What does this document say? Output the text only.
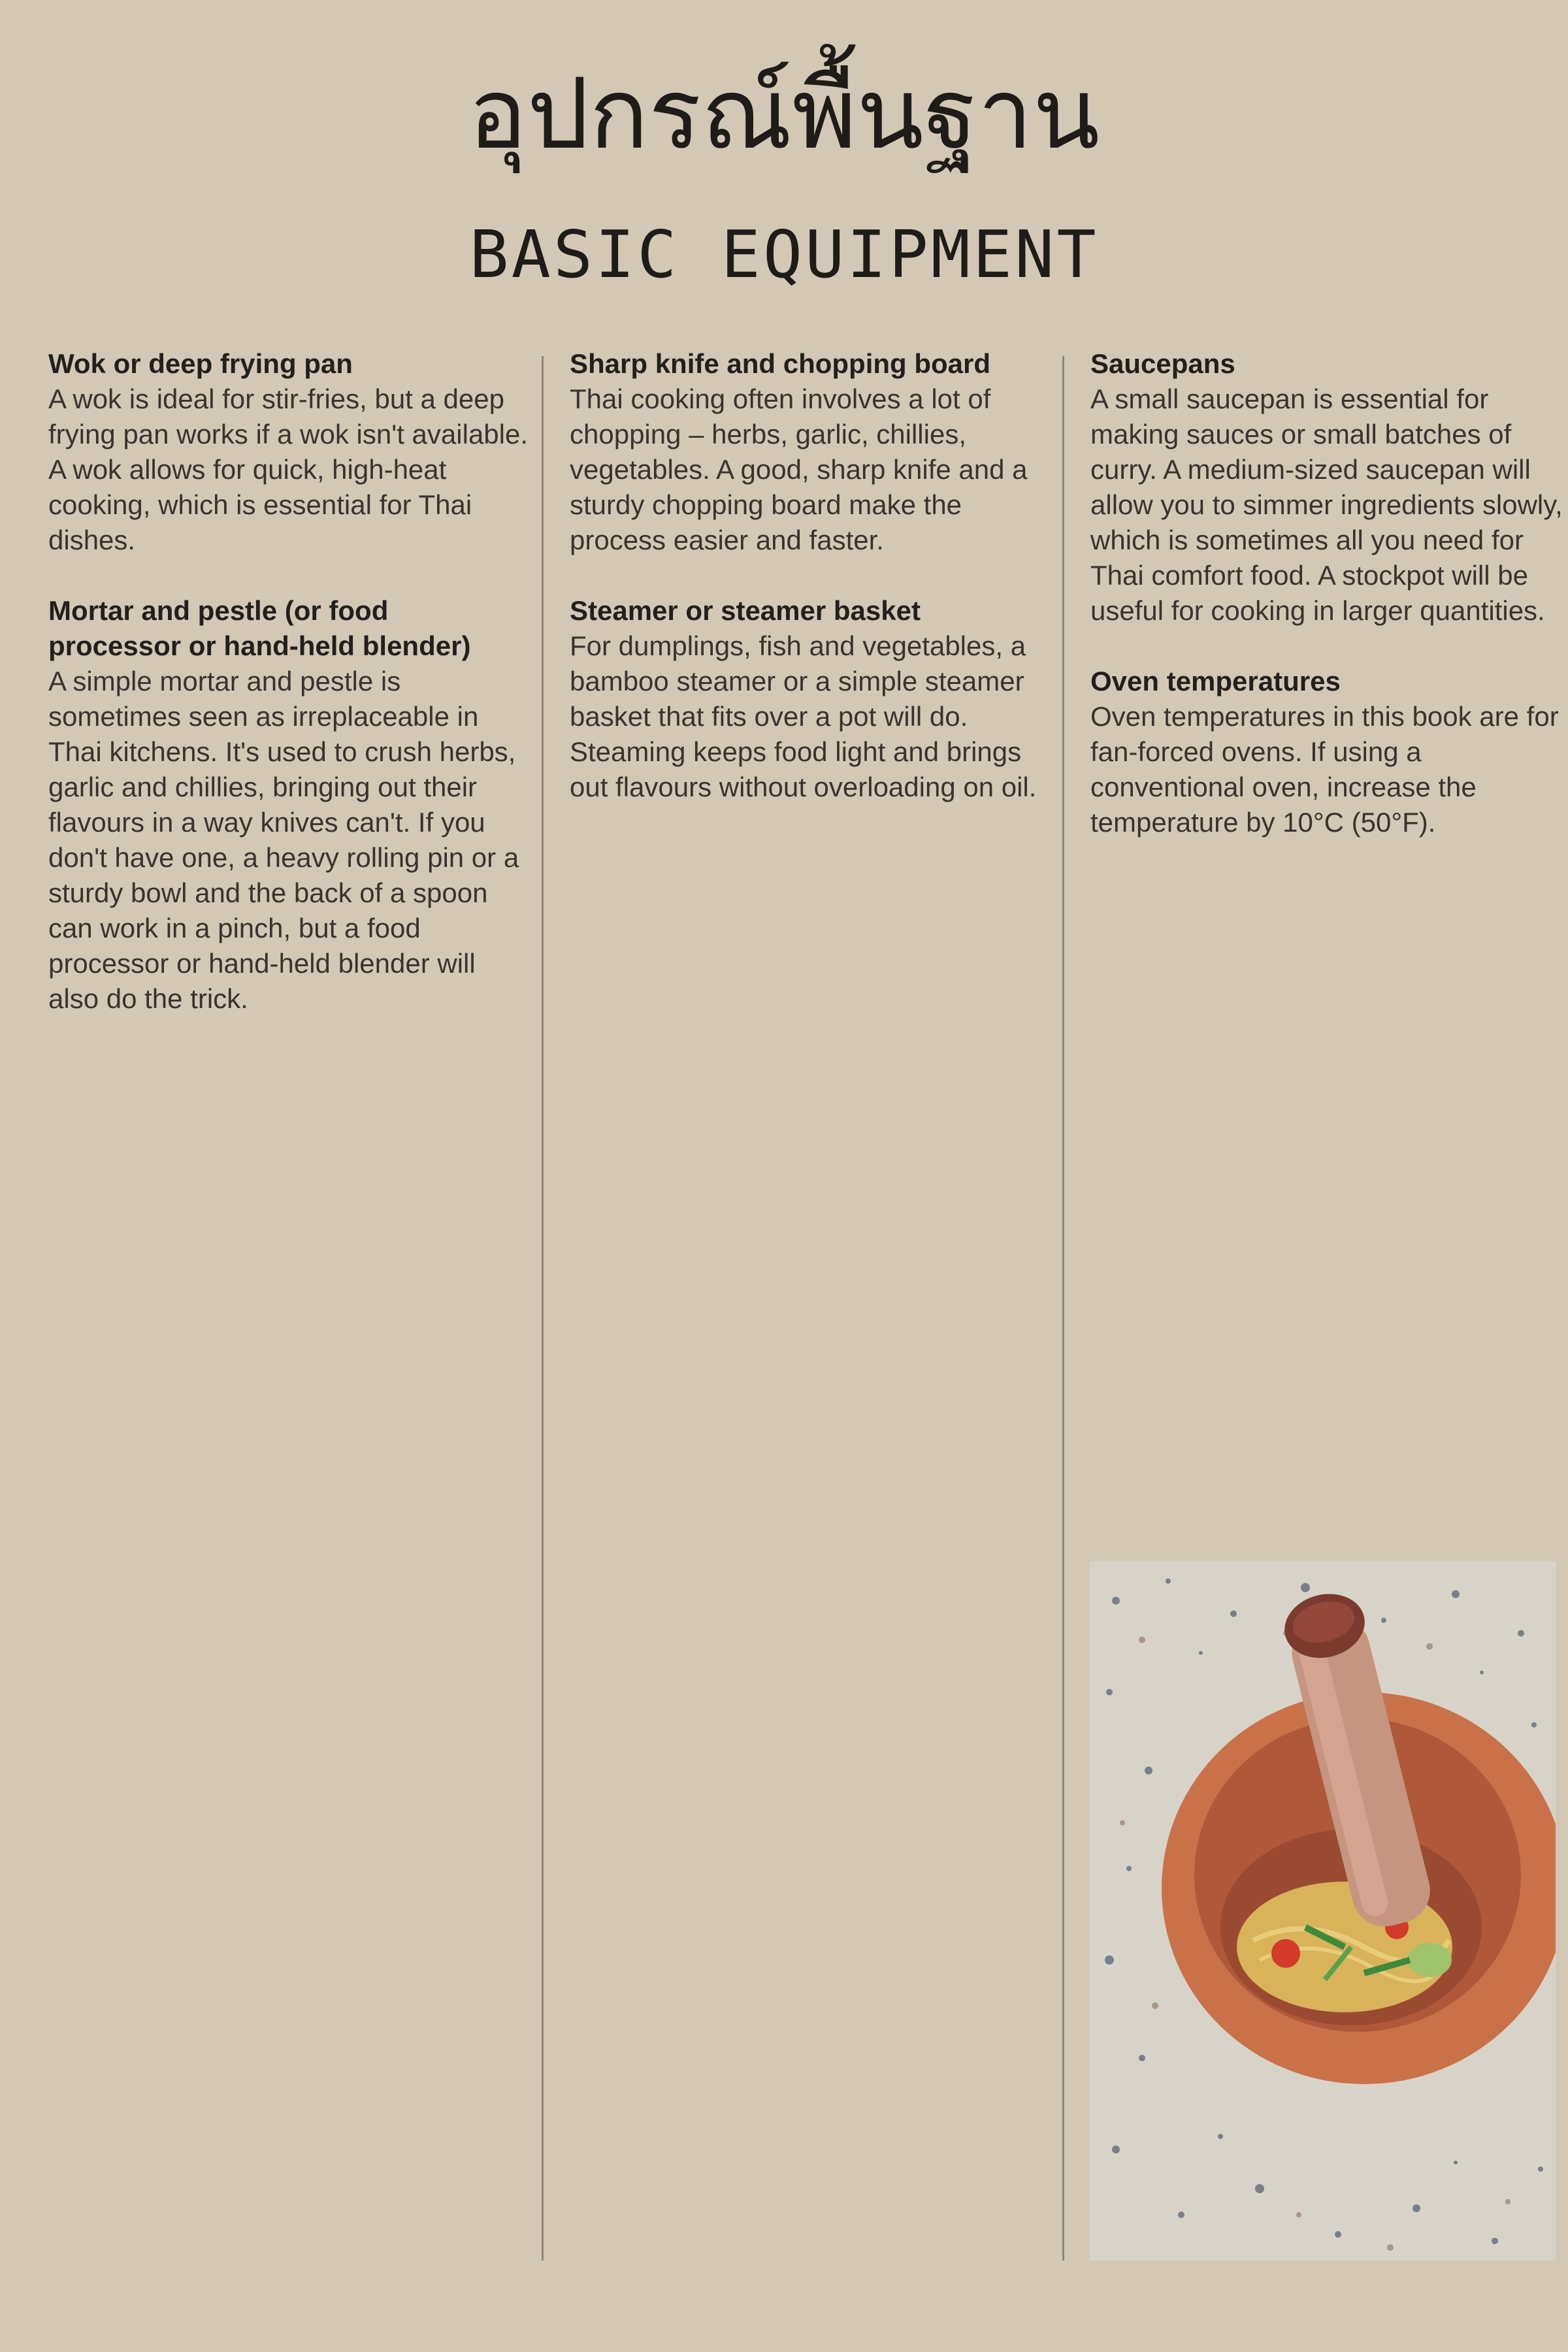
อุปกรณ์พื้นฐาน
BASIC EQUIPMENT
Wok or deep frying pan

A wok is ideal for stir-fries, but a deep frying pan works if a wok isn't available. A wok allows for quick, high-heat cooking, which is essential for Thai dishes.

Mortar and pestle (or food processor or hand-held blender)

A simple mortar and pestle is sometimes seen as irreplaceable in Thai kitchens. It's used to crush herbs, garlic and chillies, bringing out their flavours in a way knives can't. If you don't have one, a heavy rolling pin or a sturdy bowl and the back of a spoon can work in a pinch, but a food processor or hand-held blender will also do the trick.

Sharp knife and chopping board

Thai cooking often involves a lot of chopping – herbs, garlic, chillies, vegetables. A good, sharp knife and a sturdy chopping board make the process easier and faster.

Steamer or steamer basket

For dumplings, fish and vegetables, a bamboo steamer or a simple steamer basket that fits over a pot will do. Steaming keeps food light and brings out flavours without overloading on oil.

Saucepans

A small saucepan is essential for making sauces or small batches of curry. A medium-sized saucepan will allow you to simmer ingredients slowly, which is sometimes all you need for Thai comfort food. A stockpot will be useful for cooking in larger quantities.

Oven temperatures

Oven temperatures in this book are for fan-forced ovens. If using a conventional oven, increase the temperature by 10°C (50°F).
